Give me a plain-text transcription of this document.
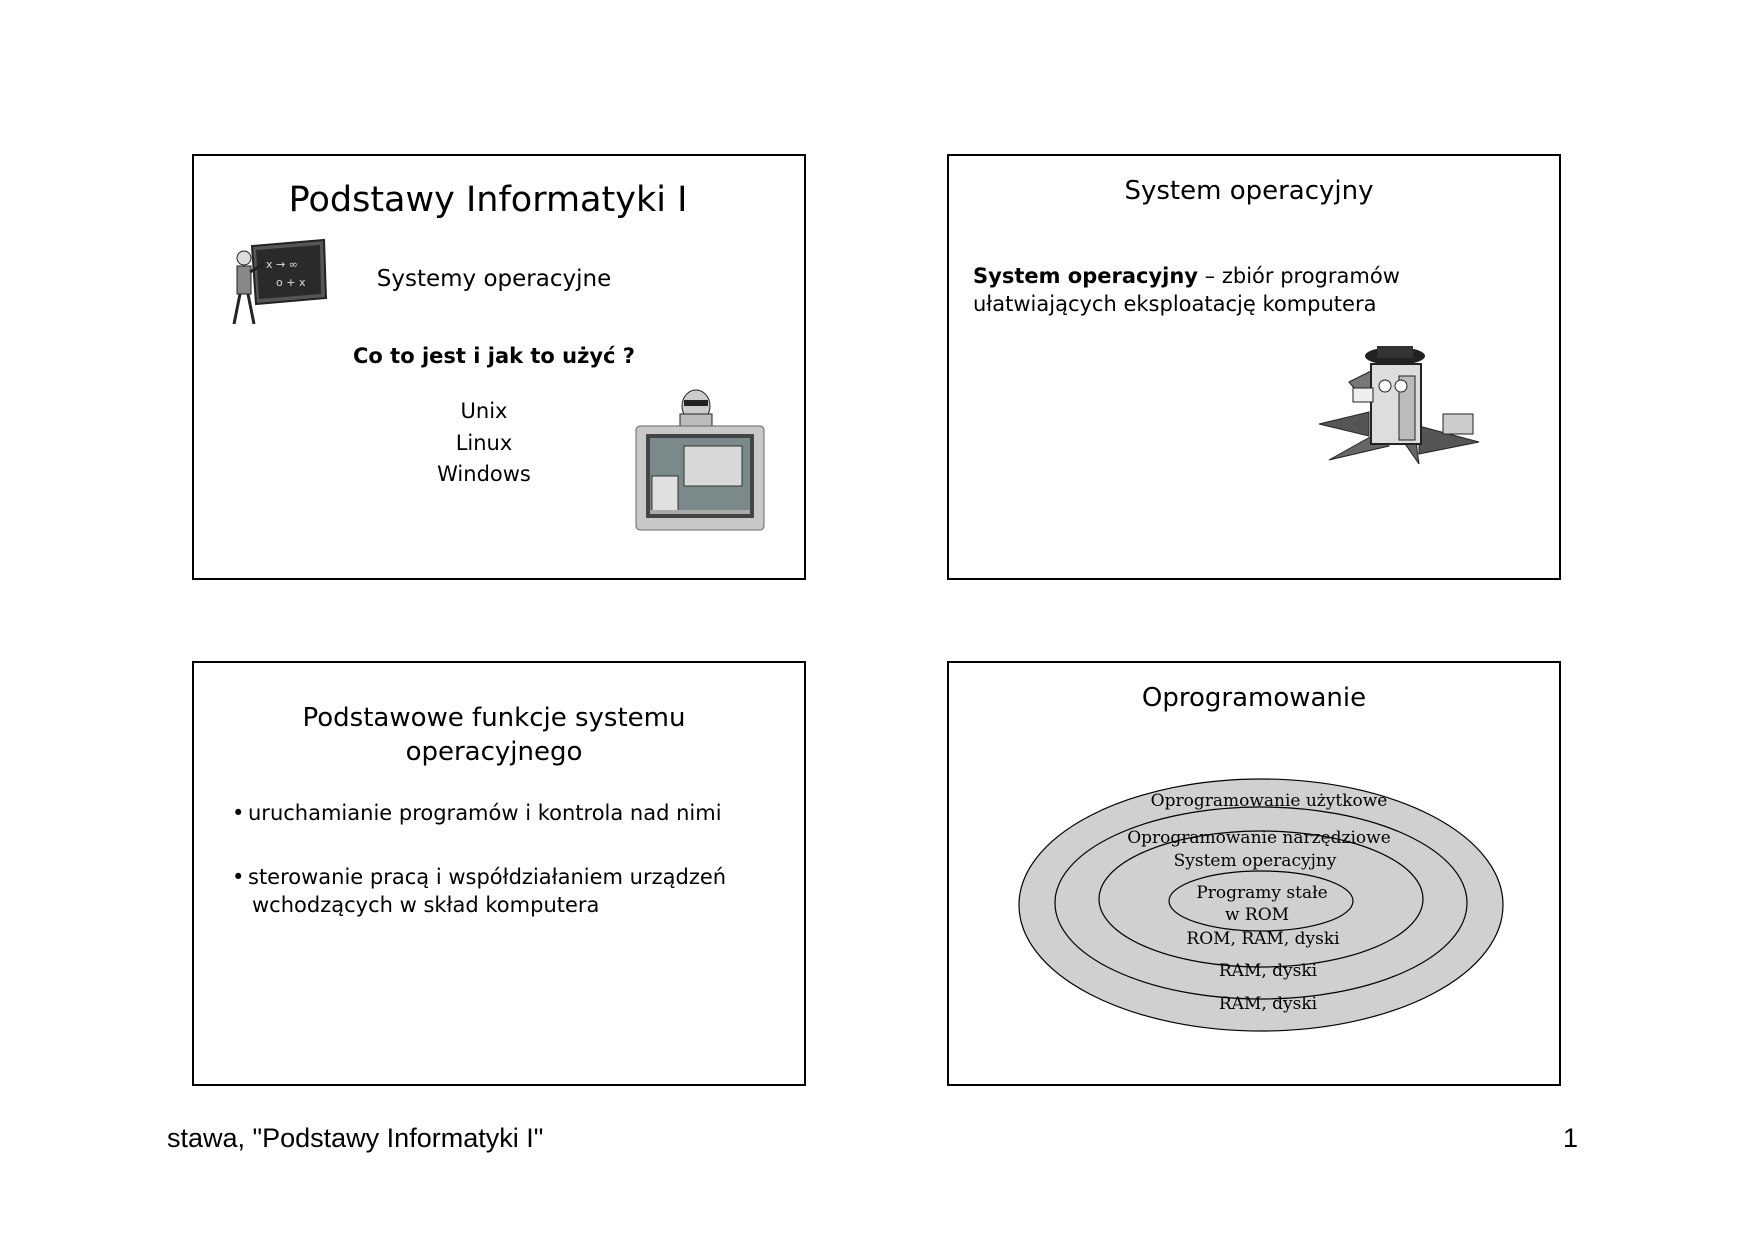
Podstawy Informatyki I
x → ∞
o + x	Systemy operacyjne
Co to jest i jak to użyć ?
Unix
Linux
Windows
System operacyjny
System operacyjny – zbiór programów ułatwiających eksploatację komputera
Podstawowe funkcje systemu
operacyjnego
• uruchamianie programów i kontrola nad nimi
• sterowanie pracą i współdziałaniem urządzeń
wchodzących w skład komputera
Oprogramowanie
Oprogramowanie użytkowe
Oprogramowanie narzędziowe
System operacyjny
Programy stałe
w ROM
ROM, RAM, dyski
RAM, dyski
RAM, dyski
stawa, "Podstawy Informatyki I"	1
